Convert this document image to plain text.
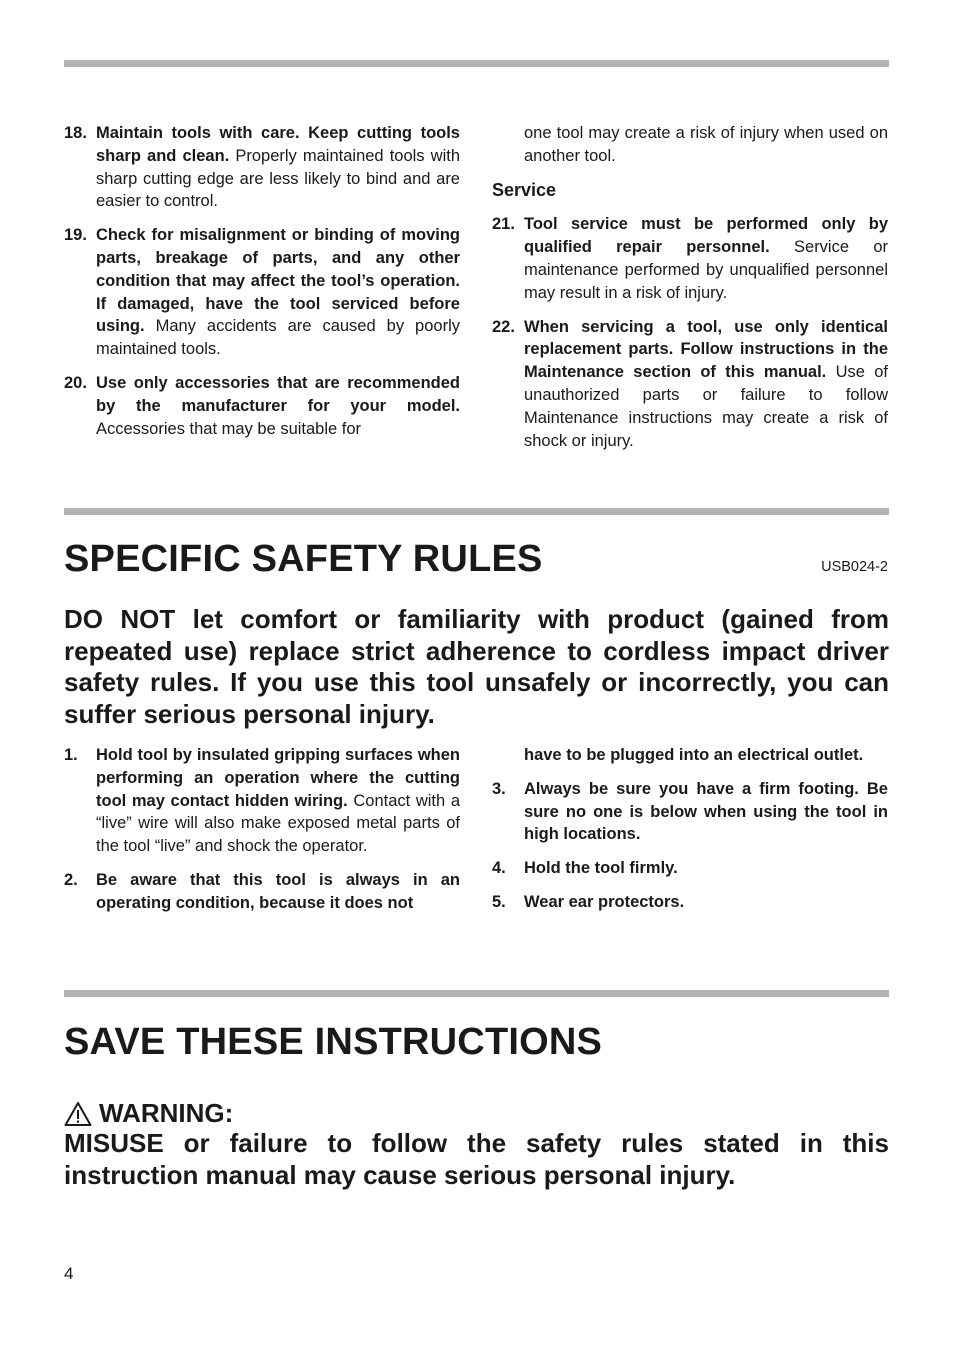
18. Maintain tools with care. Keep cutting tools sharp and clean. Properly maintained tools with sharp cutting edge are less likely to bind and are easier to control.
19. Check for misalignment or binding of moving parts, breakage of parts, and any other condition that may affect the tool’s operation. If damaged, have the tool serviced before using. Many accidents are caused by poorly maintained tools.
20. Use only accessories that are recommended by the manufacturer for your model. Accessories that may be suitable for
one tool may create a risk of injury when used on another tool.
Service
21. Tool service must be performed only by qualified repair personnel. Service or maintenance performed by unqualified personnel may result in a risk of injury.
22. When servicing a tool, use only identical replacement parts. Follow instructions in the Maintenance section of this manual. Use of unauthorized parts or failure to follow Maintenance instructions may create a risk of shock or injury.
SPECIFIC SAFETY RULES	USB024-2
DO NOT let comfort or familiarity with product (gained from repeated use) replace strict adherence to cordless impact driver safety rules. If you use this tool unsafely or incorrectly, you can suffer serious personal injury.
1.	Hold tool by insulated gripping surfaces when performing an operation where the cutting tool may contact hidden wiring. Contact with a “live” wire will also make exposed metal parts of the tool “live” and shock the operator.
2.	Be aware that this tool is always in an operating condition, because it does not
have to be plugged into an electrical outlet.
3.	Always be sure you have a firm footing. Be sure no one is below when using the tool in high locations.
4.	Hold the tool firmly.
5.	Wear ear protectors.
SAVE THESE INSTRUCTIONS
WARNING:
MISUSE or failure to follow the safety rules stated in this instruction manual may cause serious personal injury.
4
